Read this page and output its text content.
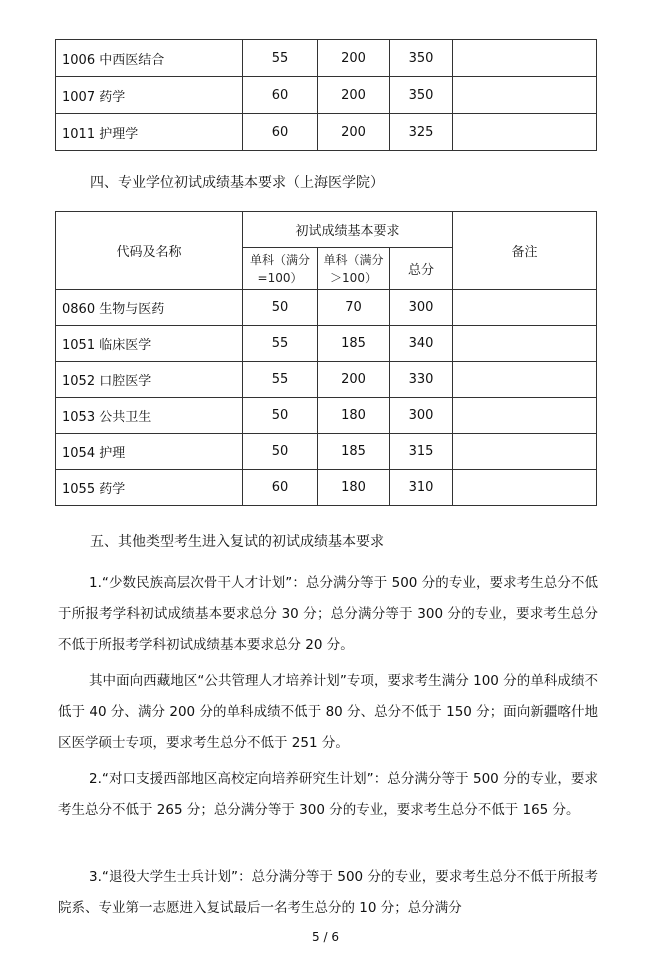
1006 中西医结合	55	200	350	
1007 药学	60	200	350	
1011 护理学	60	200	325	
四、专业学位初试成绩基本要求（上海医学院）
代码及名称	初试成绩基本要求			备注
	单科（满分=100）	单科（满分＞100）	总分	
0860 生物与医药	50	70	300	
1051 临床医学	55	185	340	
1052 口腔医学	55	200	330	
1053 公共卫生	50	180	300	
1054 护理	50	185	315	
1055 药学	60	180	310	
五、其他类型考生进入复试的初试成绩基本要求

1.“少数民族高层次骨干人才计划”：总分满分等于 500 分的专业，要求考生总分不低于所报考学科初试成绩基本要求总分 30 分；总分满分等于 300 分的专业，要求考生总分不低于所报考学科初试成绩基本要求总分 20 分。

其中面向西藏地区“公共管理人才培养计划”专项，要求考生满分 100 分的单科成绩不低于 40 分、满分 200 分的单科成绩不低于 80 分、总分不低于 150 分；面向新疆喀什地区医学硕士专项，要求考生总分不低于 251 分。

2.“对口支援西部地区高校定向培养研究生计划”：总分满分等于 500 分的专业，要求考生总分不低于 265 分；总分满分等于 300 分的专业，要求考生总分不低于 165 分。

3.“退役大学生士兵计划”：总分满分等于 500 分的专业，要求考生总分不低于所报考院系、专业第一志愿进入复试最后一名考生总分的 10 分；总分满分

5 / 6
